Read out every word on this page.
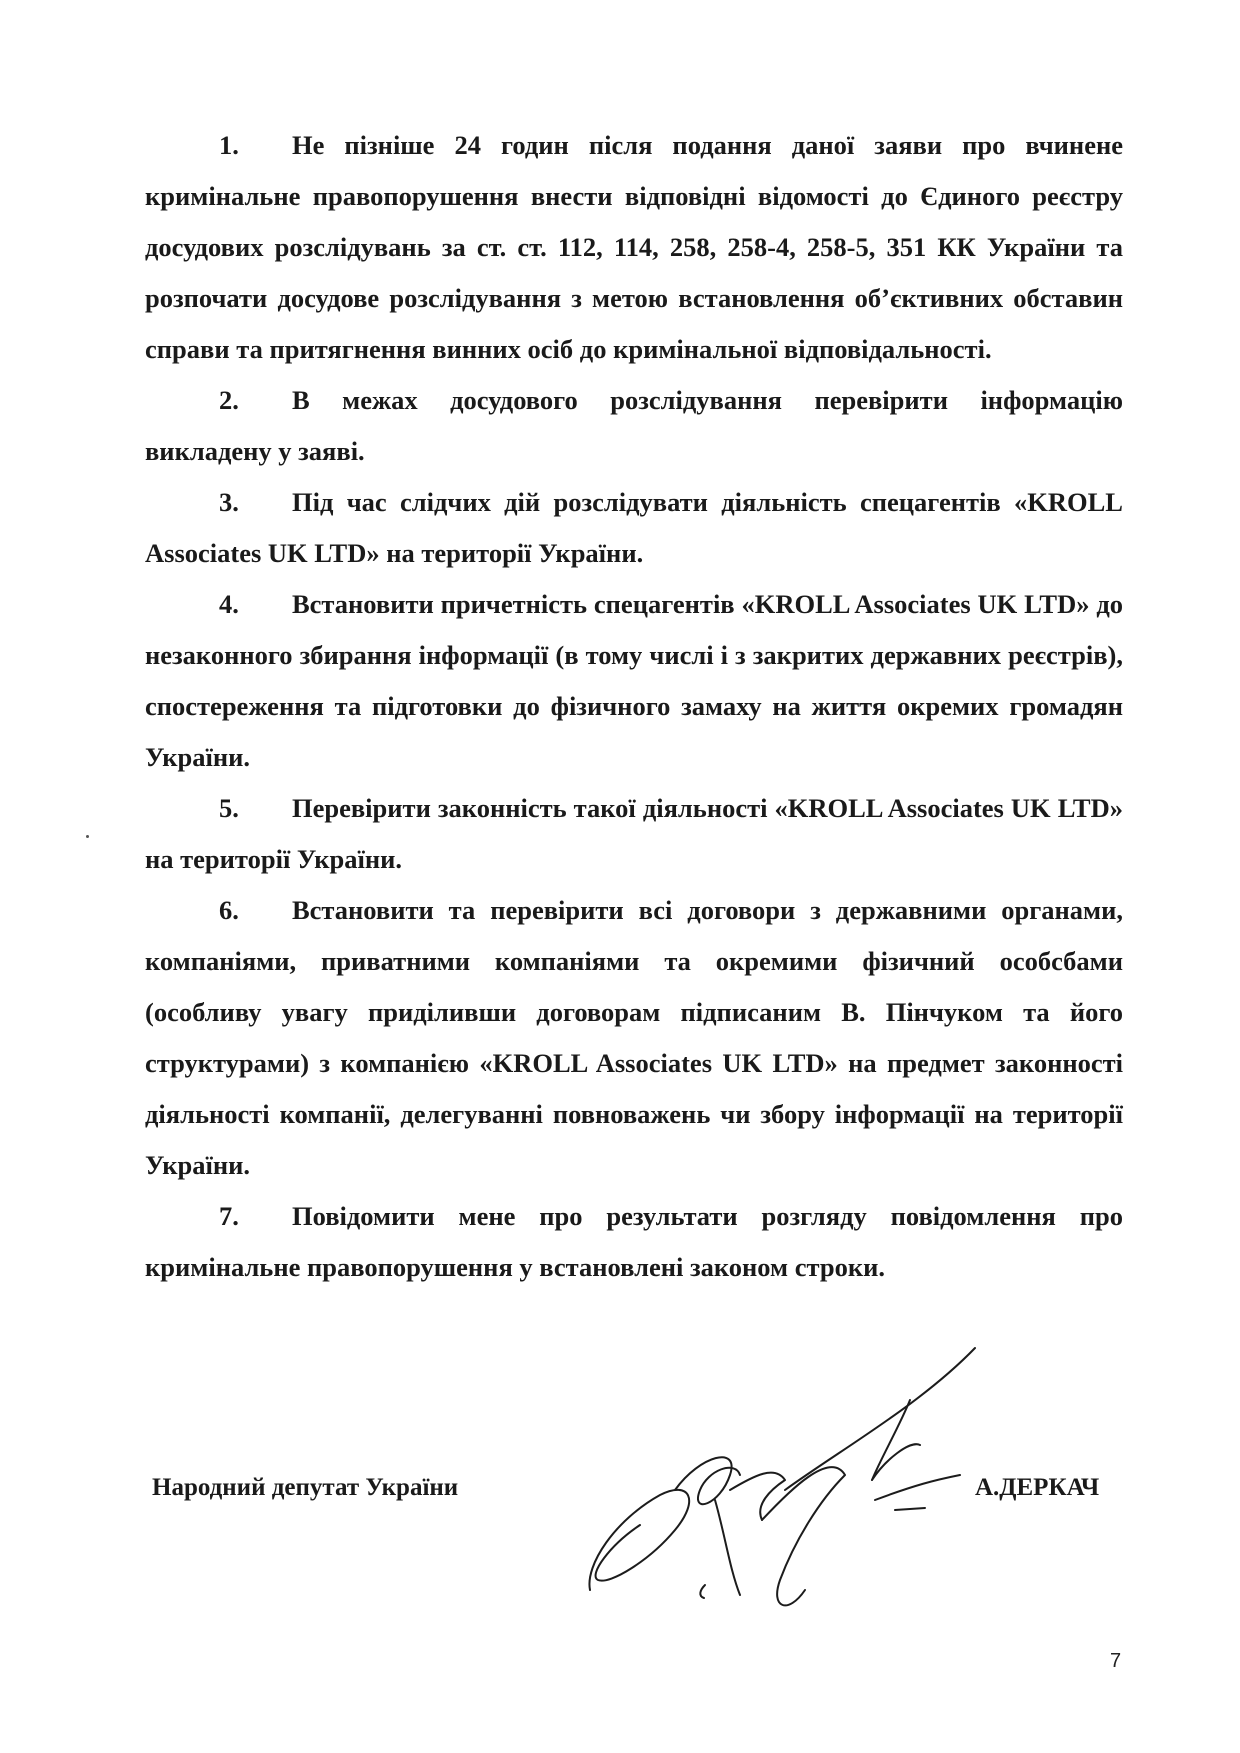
1. Не пізніше 24 годин після подання даної заяви про вчинене кримінальне правопорушення внести відповідні відомості до Єдиного реєстру досудових розслідувань за ст. ст. 112, 114, 258, 258-4, 258-5, 351 КК України та розпочати досудове розслідування з метою встановлення об’єктивних обставин справи та притягнення винних осіб до кримінальної відповідальності.

2. В межах досудового розслідування перевірити інформацію викладену у заяві.

3. Під час слідчих дій розслідувати діяльність спецагентів «KROLL Associates UK LTD» на території України.

4. Встановити причетність спецагентів «KROLL Associates UK LTD» до незаконного збирання інформації (в тому числі і з закритих державних реєстрів), спостереження та підготовки до фізичного замаху на життя окремих громадян України.

5. Перевірити законність такої діяльності «KROLL Associates UK LTD» на території України.

6. Встановити та перевірити всі договори з державними органами, компаніями, приватними компаніями та окремими фізичний особсбами (особливу увагу приділивши договорам підписаним В. Пінчуком та його структурами) з компанією «KROLL Associates UK LTD» на предмет законності діяльності компанії, делегуванні повноважень чи збору інформації на території України.

7. Повідомити мене про результати розгляду повідомлення про кримінальне правопорушення у встановлені законом строки.

Народний депутат України	А.ДЕРКАЧ
7
